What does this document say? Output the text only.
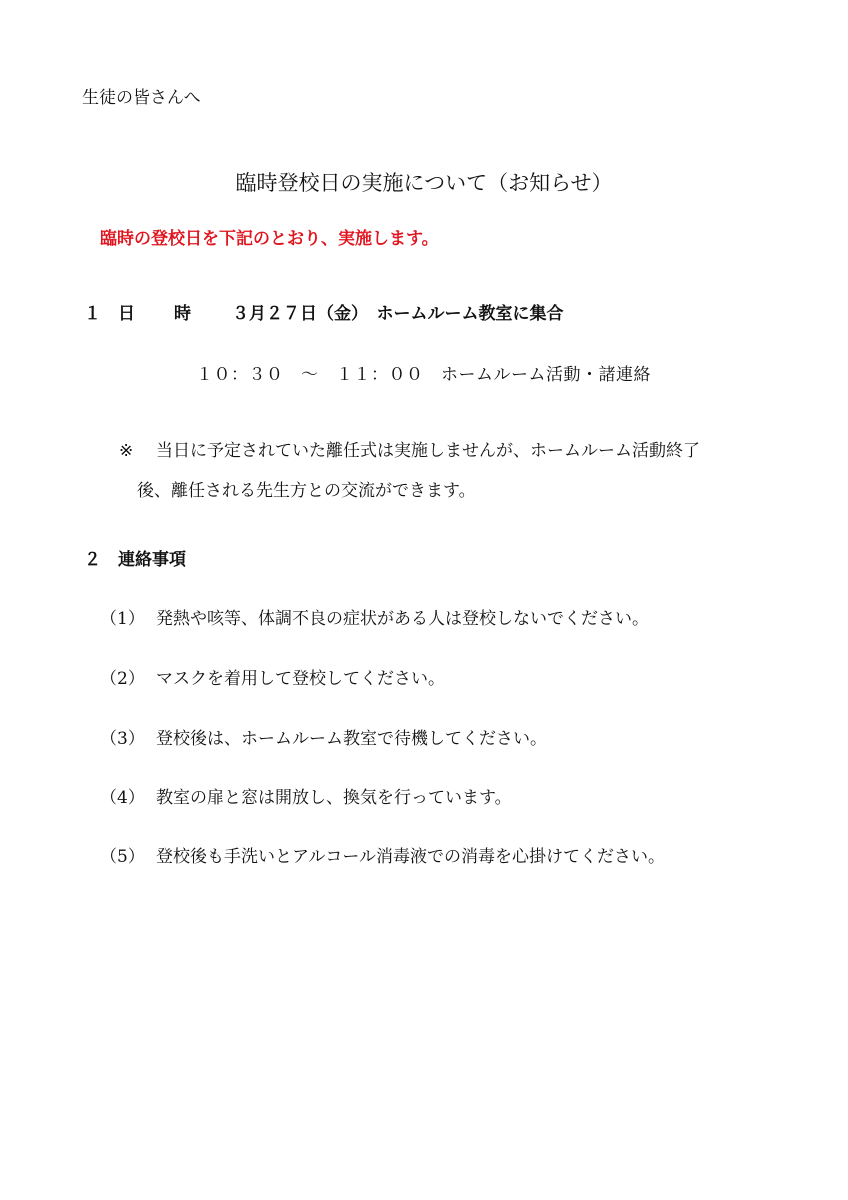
生徒の皆さんへ
臨時登校日の実施について（お知らせ）
臨時の登校日を下記のとおり、実施します。
１ 日 時 ３月２７日（金）　ホームルーム教室に集合
１０：３０　～　１１：００　ホームルーム活動・諸連絡
※ 当日に予定されていた離任式は実施しませんが、ホームルーム活動終了
後、離任される先生方との交流ができます。
２ 連絡事項
（1） 発熱や咳等、体調不良の症状がある人は登校しないでください。
（2） マスクを着用して登校してください。
（3） 登校後は、ホームルーム教室で待機してください。
（4） 教室の扉と窓は開放し、換気を行っています。
（5） 登校後も手洗いとアルコール消毒液での消毒を心掛けてください。
